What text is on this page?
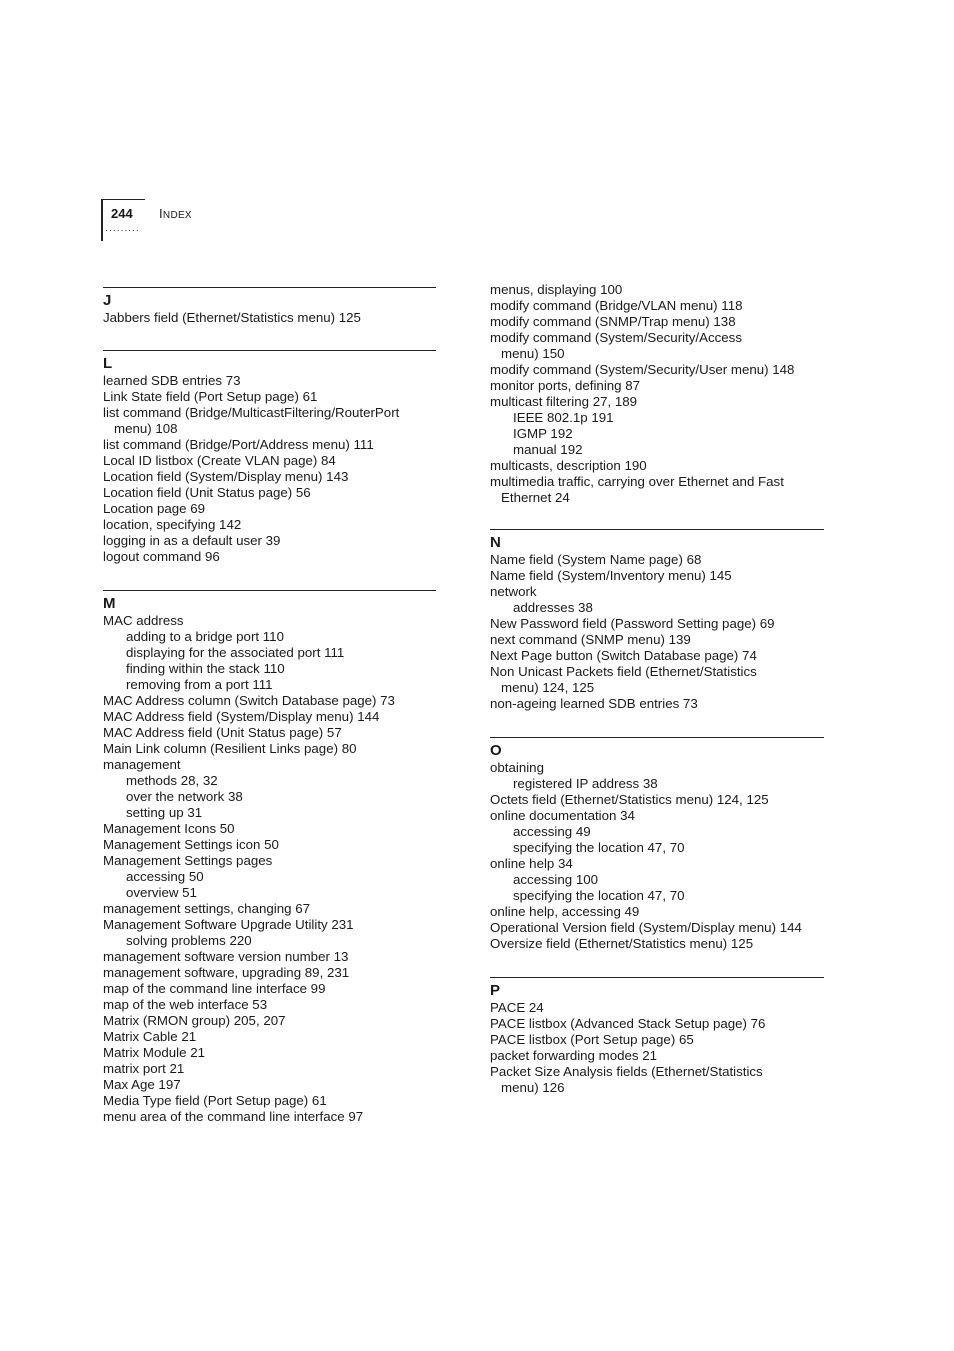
244 INDEX
·········
J
Jabbers field (Ethernet/Statistics menu) 125
L
learned SDB entries 73
Link State field (Port Setup page) 61
list command (Bridge/MulticastFiltering/RouterPort
menu) 108
list command (Bridge/Port/Address menu) 111
Local ID listbox (Create VLAN page) 84
Location field (System/Display menu) 143
Location field (Unit Status page) 56
Location page 69
location, specifying 142
logging in as a default user 39
logout command 96
M
MAC address
adding to a bridge port 110
displaying for the associated port 111
finding within the stack 110
removing from a port 111
MAC Address column (Switch Database page) 73
MAC Address field (System/Display menu) 144
MAC Address field (Unit Status page) 57
Main Link column (Resilient Links page) 80
management
methods 28, 32
over the network 38
setting up 31
Management Icons 50
Management Settings icon 50
Management Settings pages
accessing 50
overview 51
management settings, changing 67
Management Software Upgrade Utility 231
solving problems 220
management software version number 13
management software, upgrading 89, 231
map of the command line interface 99
map of the web interface 53
Matrix (RMON group) 205, 207
Matrix Cable 21
Matrix Module 21
matrix port 21
Max Age 197
Media Type field (Port Setup page) 61
menu area of the command line interface 97
menus, displaying 100
modify command (Bridge/VLAN menu) 118
modify command (SNMP/Trap menu) 138
modify command (System/Security/Access
menu) 150
modify command (System/Security/User menu) 148
monitor ports, defining 87
multicast filtering 27, 189
IEEE 802.1p 191
IGMP 192
manual 192
multicasts, description 190
multimedia traffic, carrying over Ethernet and Fast
Ethernet 24
N
Name field (System Name page) 68
Name field (System/Inventory menu) 145
network
addresses 38
New Password field (Password Setting page) 69
next command (SNMP menu) 139
Next Page button (Switch Database page) 74
Non Unicast Packets field (Ethernet/Statistics
menu) 124, 125
non-ageing learned SDB entries 73
O
obtaining
registered IP address 38
Octets field (Ethernet/Statistics menu) 124, 125
online documentation 34
accessing 49
specifying the location 47, 70
online help 34
accessing 100
specifying the location 47, 70
online help, accessing 49
Operational Version field (System/Display menu) 144
Oversize field (Ethernet/Statistics menu) 125
P
PACE 24
PACE listbox (Advanced Stack Setup page) 76
PACE listbox (Port Setup page) 65
packet forwarding modes 21
Packet Size Analysis fields (Ethernet/Statistics
menu) 126
